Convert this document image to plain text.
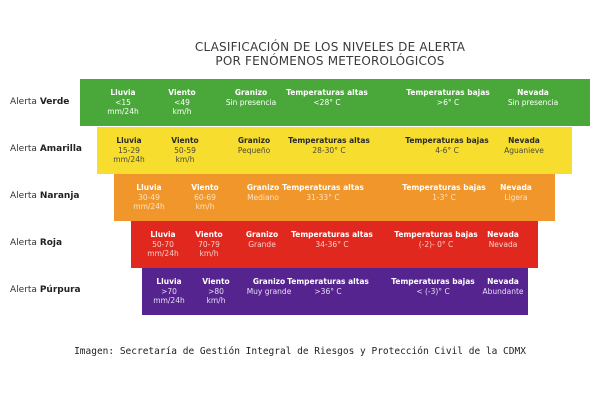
CLASIFICACIÓN DE LOS NIVELES DE ALERTA
POR FENÓMENOS METEOROLÓGICOS
Alerta Verde
Lluvia
<15
mm/24h
Viento
<49
km/h
Granizo
Sin presencia
Temperaturas altas
<28° C
Temperaturas bajas
>6° C
Nevada
Sin presencia
Alerta Amarilla
Lluvia
15-29
mm/24h
Viento
50-59
km/h
Granizo
Pequeño
Temperaturas altas
28-30° C
Temperaturas bajas
4-6° C
Nevada
Aguanieve
Alerta Naranja
Lluvia
30-49
mm/24h
Viento
60-69
km/h
Granizo
Mediano
Temperaturas altas
31-33° C
Temperaturas bajas
1-3° C
Nevada
Ligera
Alerta Roja
Lluvia
50-70
mm/24h
Viento
70-79
km/h
Granizo
Grande
Temperaturas altas
34-36° C
Temperaturas bajas
(-2)- 0° C
Nevada
Nevada
Alerta Púrpura
Lluvia
>70
mm/24h
Viento
>80
km/h
Granizo
Muy grande
Temperaturas altas
>36° C
Temperaturas bajas
< (-3)° C
Nevada
Abundante
Imagen: Secretaría de Gestión Integral de Riesgos y Protección Civil de la CDMX
